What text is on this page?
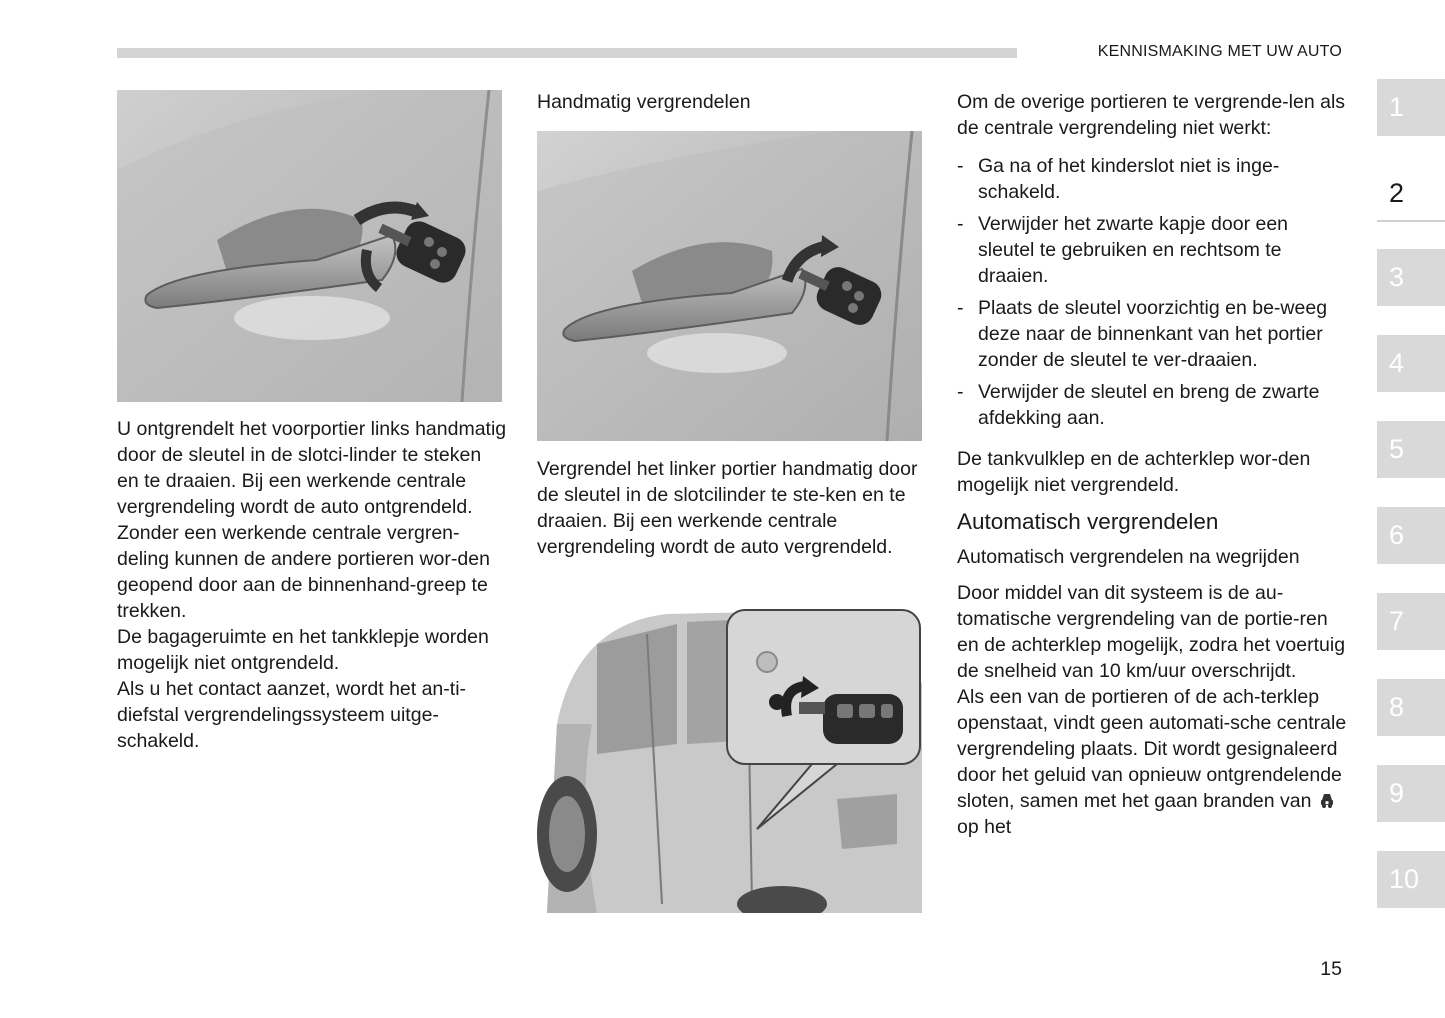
KENNISMAKING MET UW AUTO

U ontgrendelt het voorportier links handmatig door de sleutel in de slotci-linder te steken en te draaien. Bij een werkende centrale vergrendeling wordt de auto ontgrendeld.

Zonder een werkende centrale vergren-deling kunnen de andere portieren wor-den geopend door aan de binnenhand-greep te trekken.

De bagageruimte en het tankklepje worden mogelijk niet ontgrendeld.

Als u het contact aanzet, wordt het an-ti-diefstal vergrendelingssysteem uitge-schakeld.

Handmatig vergrendelen

Vergrendel het linker portier handmatig door de sleutel in de slotcilinder te ste-ken en te draaien. Bij een werkende centrale vergrendeling wordt de auto vergrendeld.

Om de overige portieren te vergrende-len als de centrale vergrendeling niet werkt:

- Ga na of het kinderslot niet is inge-schakeld.
- Verwijder het zwarte kapje door een sleutel te gebruiken en rechtsom te draaien.
- Plaats de sleutel voorzichtig en be-weeg deze naar de binnenkant van het portier zonder de sleutel te ver-draaien.
- Verwijder de sleutel en breng de zwarte afdekking aan.

De tankvulklep en de achterklep wor-den mogelijk niet vergrendeld.

Automatisch vergrendelen

Automatisch vergrendelen na wegrijden

Door middel van dit systeem is de au-tomatische vergrendeling van de portie-ren en de achterklep mogelijk, zodra het voertuig de snelheid van 10 km/uur overschrijdt.

Als een van de portieren of de ach-terklep openstaat, vindt geen automati-sche centrale vergrendeling plaats. Dit wordt gesignaleerd door het geluid van opnieuw ontgrendelende sloten, samen met het gaan branden van  op het

1
2
3
4
5
6
7
8
9
10
15
